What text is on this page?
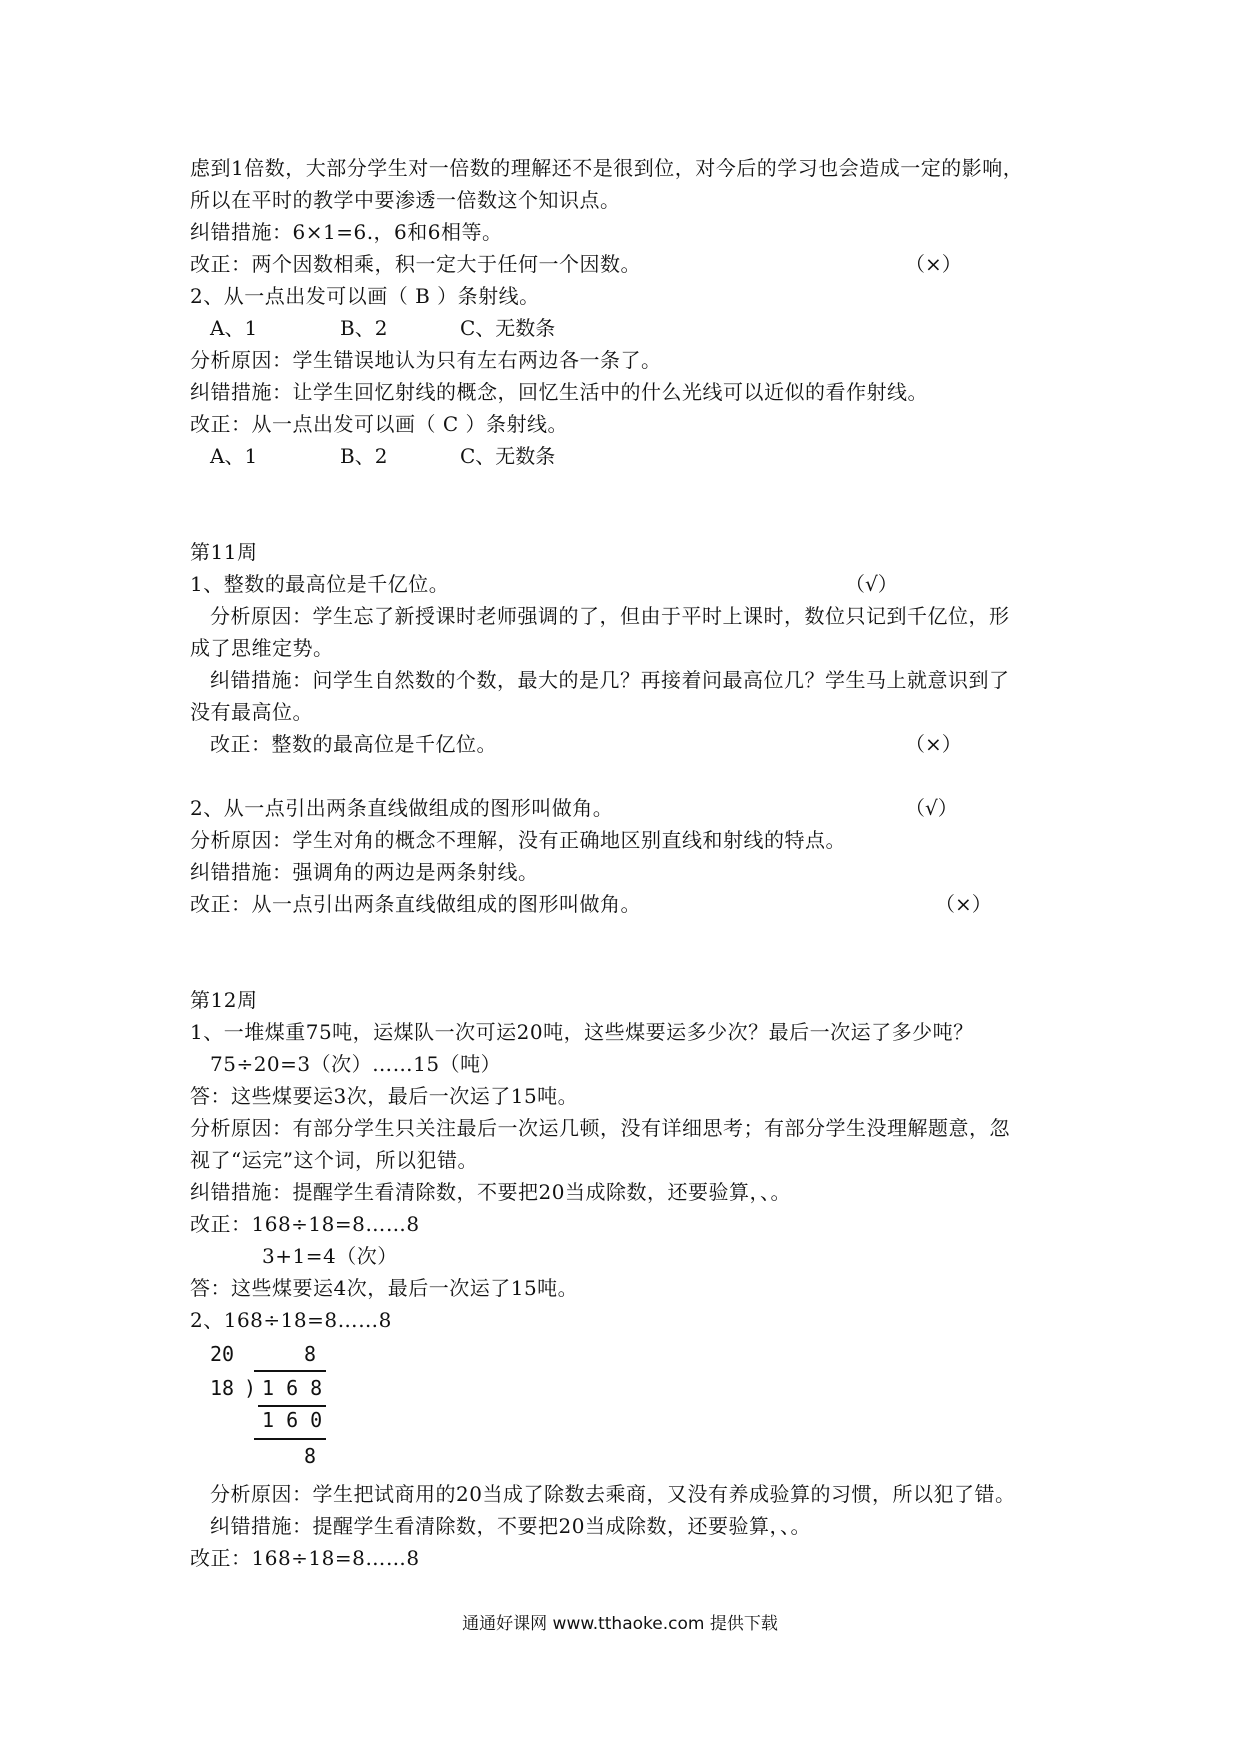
虑到1倍数，大部分学生对一倍数的理解还不是很到位，对今后的学习也会造成一定的影响，
所以在平时的教学中要渗透一倍数这个知识点。
纠错措施：6×1=6.，6和6相等。
改正：两个因数相乘，积一定大于任何一个因数。	（×）
2、从一点出发可以画（ B ）条射线。
A、1	B、2	C、无数条
分析原因：学生错误地认为只有左右两边各一条了。
纠错措施：让学生回忆射线的概念，回忆生活中的什么光线可以近似的看作射线。
改正：从一点出发可以画（ C ）条射线。
A、1	B、2	C、无数条
第11周
1、整数的最高位是千亿位。	（√）
分析原因：学生忘了新授课时老师强调的了，但由于平时上课时，数位只记到千亿位，形
成了思维定势。
纠错措施：问学生自然数的个数，最大的是几？再接着问最高位几？学生马上就意识到了
没有最高位。
改正：整数的最高位是千亿位。	（×）
2、从一点引出两条直线做组成的图形叫做角。	（√）
分析原因：学生对角的概念不理解，没有正确地区别直线和射线的特点。
纠错措施：强调角的两边是两条射线。
改正：从一点引出两条直线做组成的图形叫做角。	（×）
第12周
1、一堆煤重75吨，运煤队一次可运20吨，这些煤要运多少次？最后一次运了多少吨？
75÷20=3（次）……15（吨）
答：这些煤要运3次，最后一次运了15吨。
分析原因：有部分学生只关注最后一次运几顿，没有详细思考；有部分学生没理解题意，忽
视了“运完”这个词，所以犯错。
纠错措施：提醒学生看清除数，不要把20当成除数，还要验算，、。
改正：168÷18=8……8
3+1=4（次）
答：这些煤要运4次，最后一次运了15吨。
2、168÷18=8……8
20	8
18 ) 1 6 8
1 6 0
8
分析原因：学生把试商用的20当成了除数去乘商，又没有养成验算的习惯，所以犯了错。
纠错措施：提醒学生看清除数，不要把20当成除数，还要验算，、。
改正：168÷18=8……8
通通好课网 www.tthaoke.com 提供下载
